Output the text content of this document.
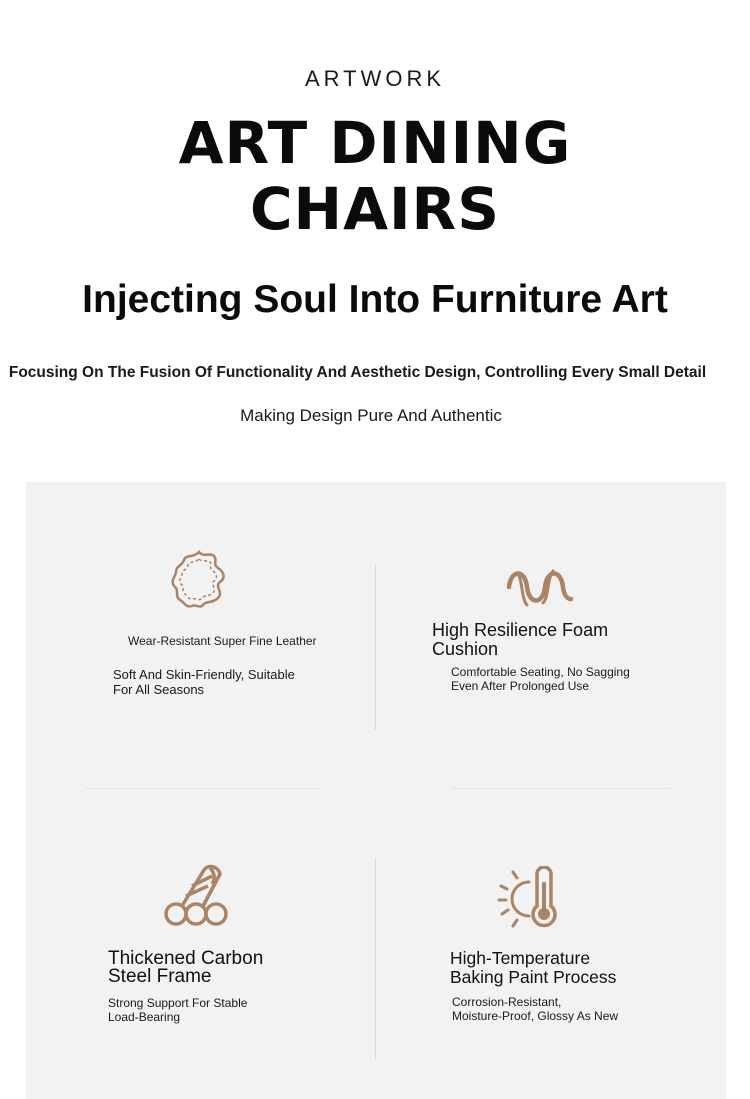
ARTWORK
ART DINING
CHAIRS
Injecting Soul Into Furniture Art
Focusing On The Fusion Of Functionality And Aesthetic Design, Controlling Every Small Detail
Making Design Pure And Authentic
Wear-Resistant Super Fine Leather
Soft And Skin-Friendly, Suitable
For All Seasons
High Resilience Foam
Cushion
Comfortable Seating, No Sagging
Even After Prolonged Use
Thickened Carbon
Steel Frame
Strong Support For Stable
Load-Bearing
High-Temperature
Baking Paint Process
Corrosion-Resistant,
Moisture-Proof, Glossy As New
